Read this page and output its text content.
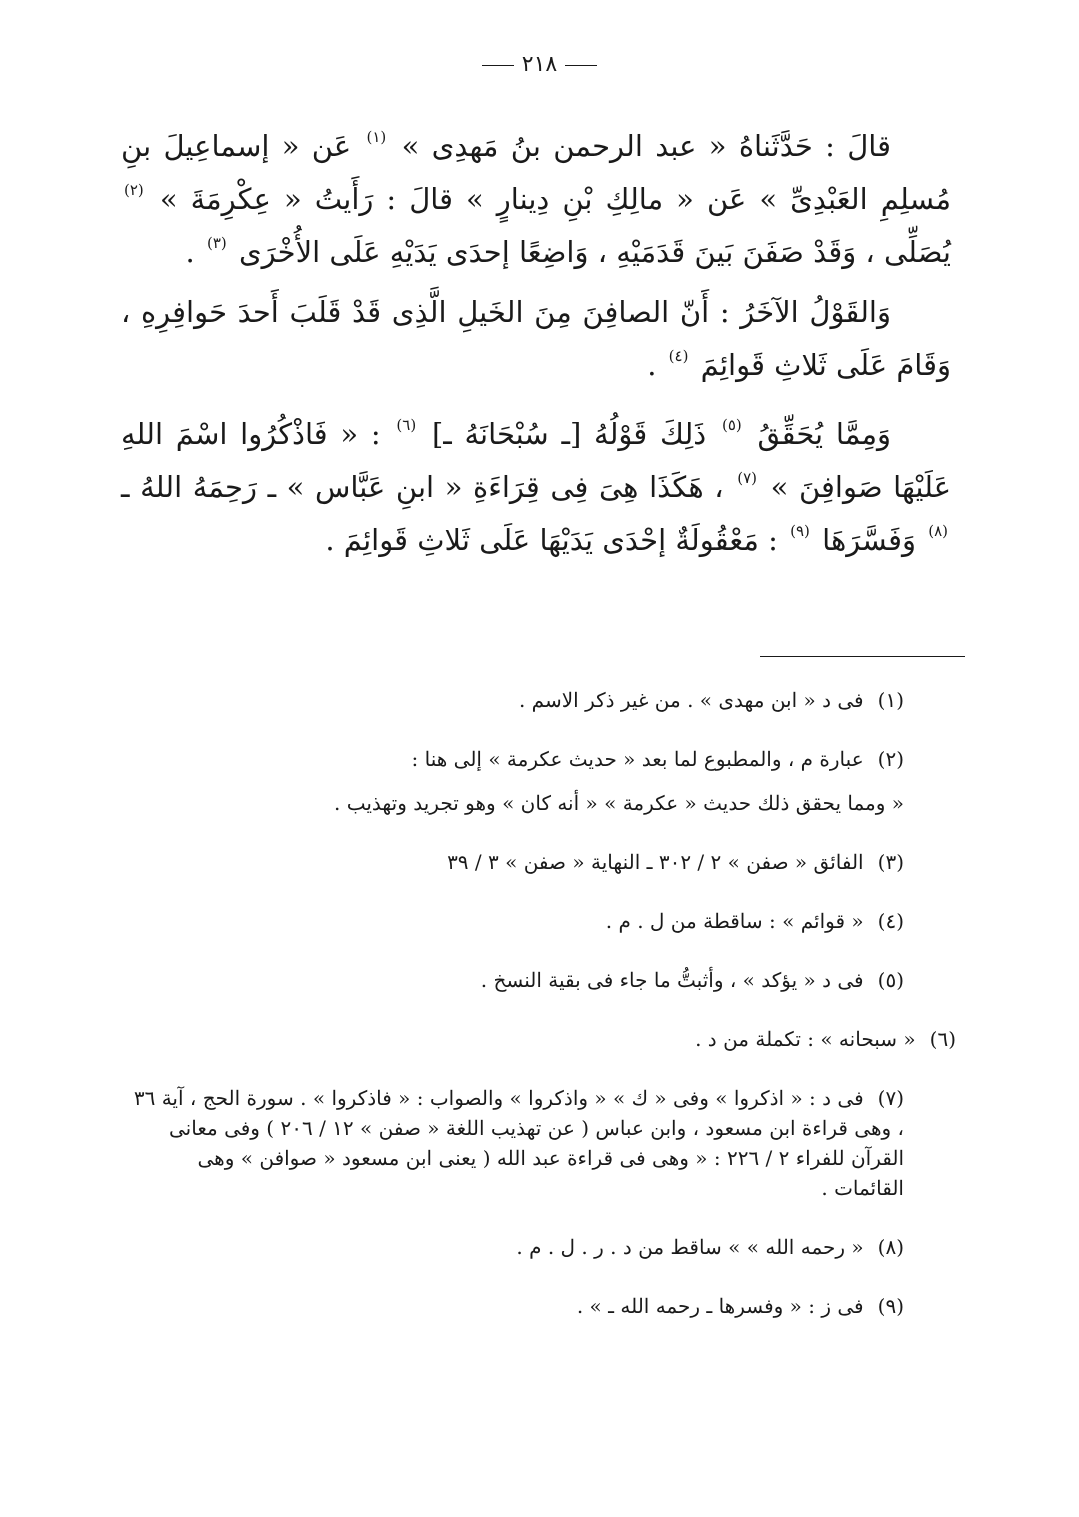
٢١٨

قالَ : حَدَّثَناهُ « عبد الرحمن بنُ مَهدِى » $^{(١)}$ عَن « إسماعِيلَ بنِ مُسلِمِ العَبْدِىِّ » عَن « مالِكِ بْنِ دِينارٍ » قالَ : رَأَيتُ « عِكْرِمَةَ » $^{(٢)}$ يُصَلِّى ، وَقَدْ صَفَنَ بَينَ قَدَمَيْهِ ، وَاضِعًا إحدَى يَدَيْهِ عَلَى الأُخْرَى $^{(٣)}$ .

وَالقَوْلُ الآخَرُ : أَنّ الصافِنَ مِنَ الخَيلِ الَّذِى قَدْ قَلَبَ أَحدَ حَوافِرِهِ ، وَقَامَ عَلَى ثَلاثِ قَوائِمَ $^{(٤)}$ .

وَمِمَّا يُحَقِّقُ $^{(٥)}$ ذَلِكَ قَوْلُهُ [ـ سُبْحَانَهُ ـ] $^{(٦)}$ : « فَاذْكُرُوا اسْمَ اللهِ عَلَيْهَا صَوافِنَ » $^{(٧)}$ ، هَكَذَا هِىَ فِى قِرَاءَةِ « ابنِ عَبَّاس » ـ رَحِمَهُ اللهُ ـ $^{(٨)}$ وَفَسَّرَهَا $^{(٩)}$ : مَعْقُولَةٌ إحْدَى يَدَيْهَا عَلَى ثَلاثِ قَوائِمَ .

(١)فى د « ابن مهدى » . من غير ذكر الاسم .
(٢)عبارة م ، والمطبوع لما بعد « حديث عكرمة » إلى هنا :
« ومما يحقق ذلك حديث « عكرمة » « أنه كان » وهو تجريد وتهذيب .
(٣)الفائق « صفن » ٢ / ٣٠٢ ـ النهاية « صفن » ٣ / ٣٩
(٤)« قوائم » : ساقطة من ل . م .
(٥)فى د « يؤكد » ، وأثبتُّ ما جاء فى بقية النسخ .
(٦)« سبحانه » : تكملة من د .
(٧)فى د : « اذكروا » وفى « ك » « واذكروا » والصواب : « فاذكروا » . سورة الحج ، آية ٣٦ ، وهى قراءة ابن مسعود ، وابن عباس ( عن تهذيب اللغة « صفن » ١٢ / ٢٠٦ ) وفى معانى القرآن للفراء ٢ / ٢٢٦ : « وهى فى قراءة عبد الله ( يعنى ابن مسعود « صوافن » وهى القائمات .
(٨)« رحمه الله » » ساقط من د . ر . ل . م .
(٩)فى ز : « وفسرها ـ رحمه الله ـ » .
